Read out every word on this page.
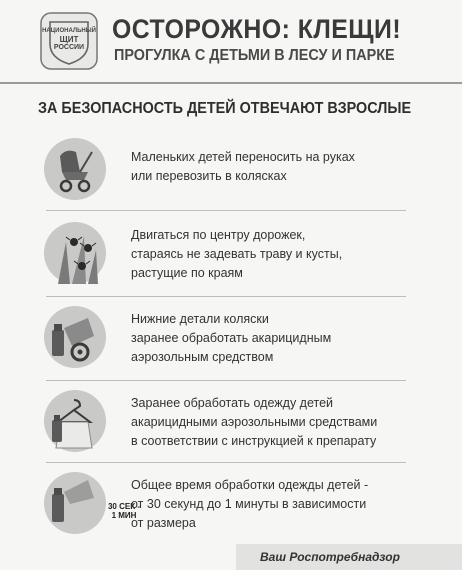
НАЦИОНАЛЬНЫЙ
ЩИТ
РОССИИ
ОСТОРОЖНО: КЛЕЩИ!
ПРОГУЛКА С ДЕТЬМИ В ЛЕСУ И ПАРКЕ
ЗА БЕЗОПАСНОСТЬ ДЕТЕЙ ОТВЕЧАЮТ ВЗРОСЛЫЕ
Маленьких детей переносить на руках
или перевозить в колясках
Двигаться по центру дорожек,
стараясь не задевать траву и кусты,
растущие по краям
Нижние детали коляски
заранее обработать акарицидным
аэрозольным средством
Заранее обработать одежду детей
акарицидными аэрозольными средствами
в соответствии с инструкцией к препарату
30 СЕК -
1 МИН
Общее время обработки одежды детей -
от 30 секунд до 1 минуты в зависимости
от размера
Ваш Роспотребнадзор
